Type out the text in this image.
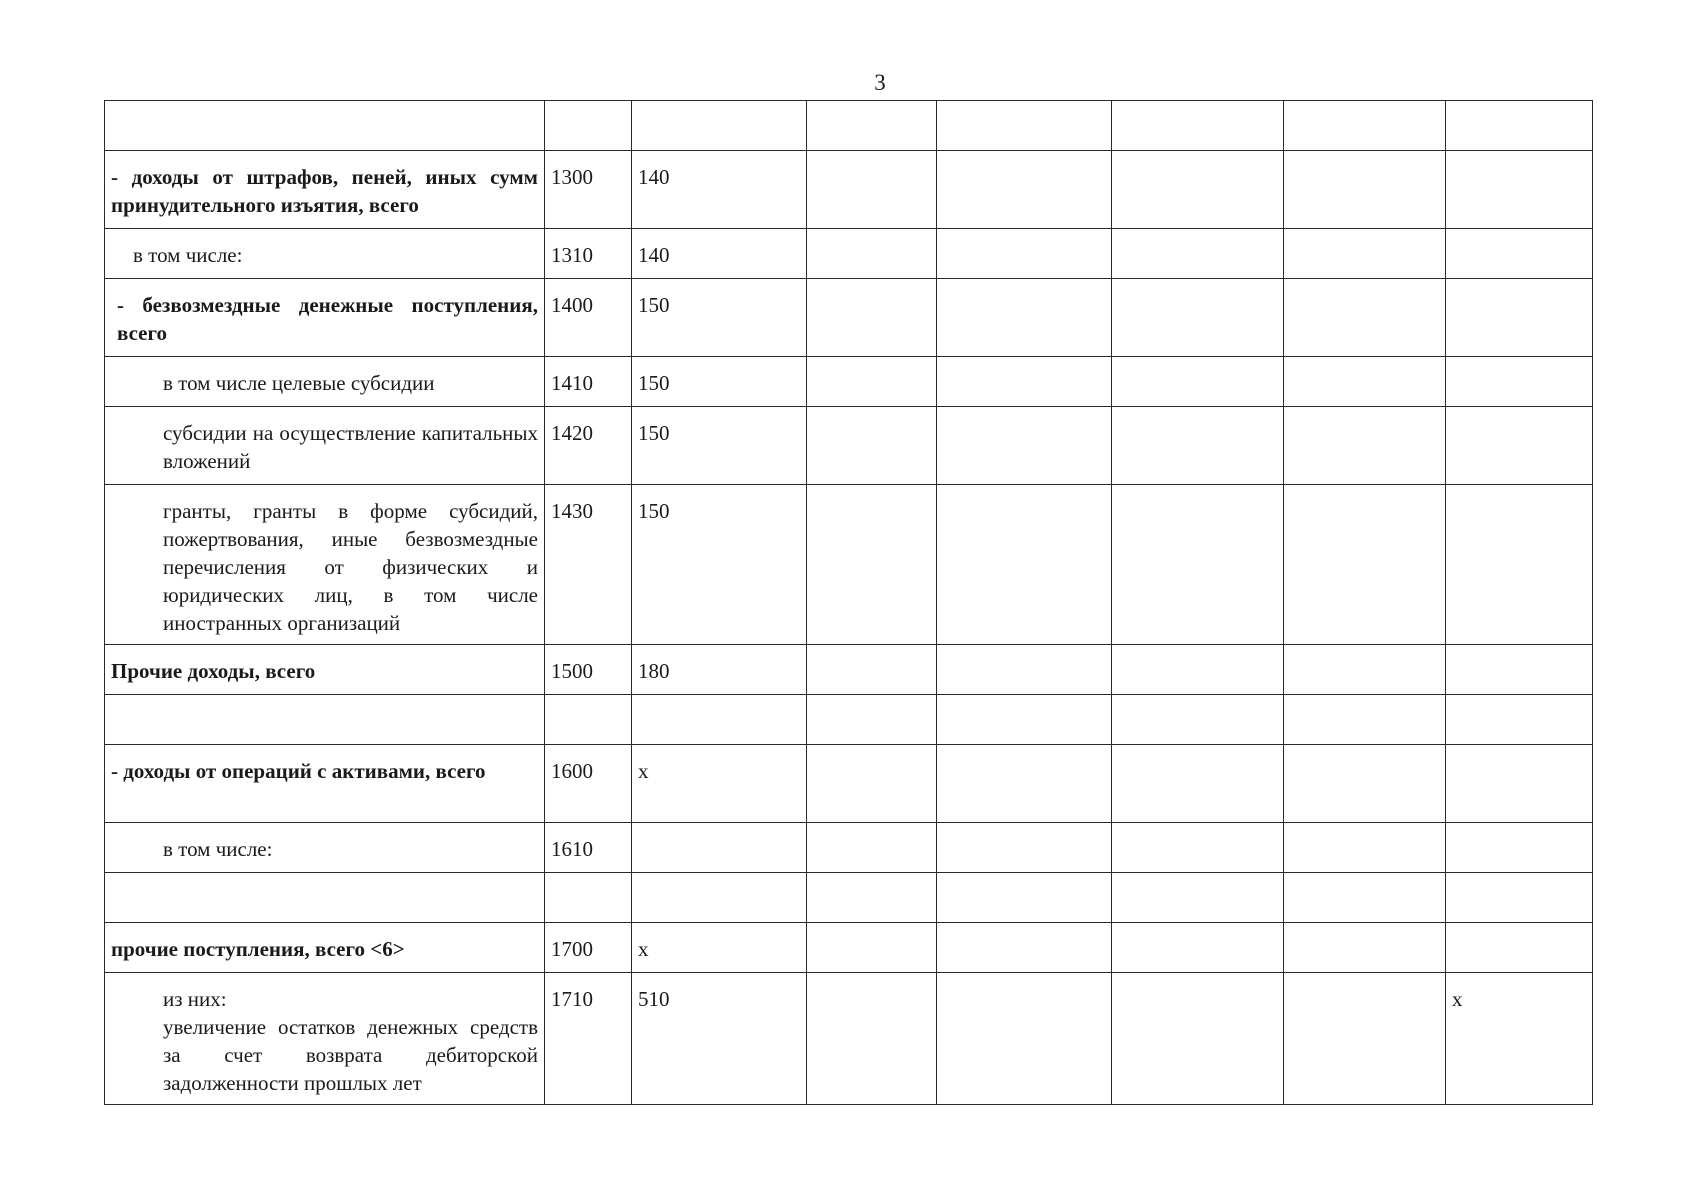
3

- доходы от штрафов, пеней, иных сумм принудительного изъятия, всего	1300	140					
в том числе:	1310	140					
- безвозмездные денежные поступления, всего	1400	150					
в том числе целевые субсидии	1410	150					
субсидии на осуществление капитальных вложений	1420	150					
гранты, гранты в форме субсидий, пожертвования, иные безвозмездные перечисления от физических и юридических лиц, в том числе иностранных организаций	1430	150					
Прочие доходы, всего	1500	180					

- доходы от операций с активами, всего	1600	x					
в том числе:	1610						

прочие поступления, всего <6>	1700	x					
из них:
увеличение остатков денежных средств за счет возврата дебиторской задолженности прошлых лет	1710	510					x
